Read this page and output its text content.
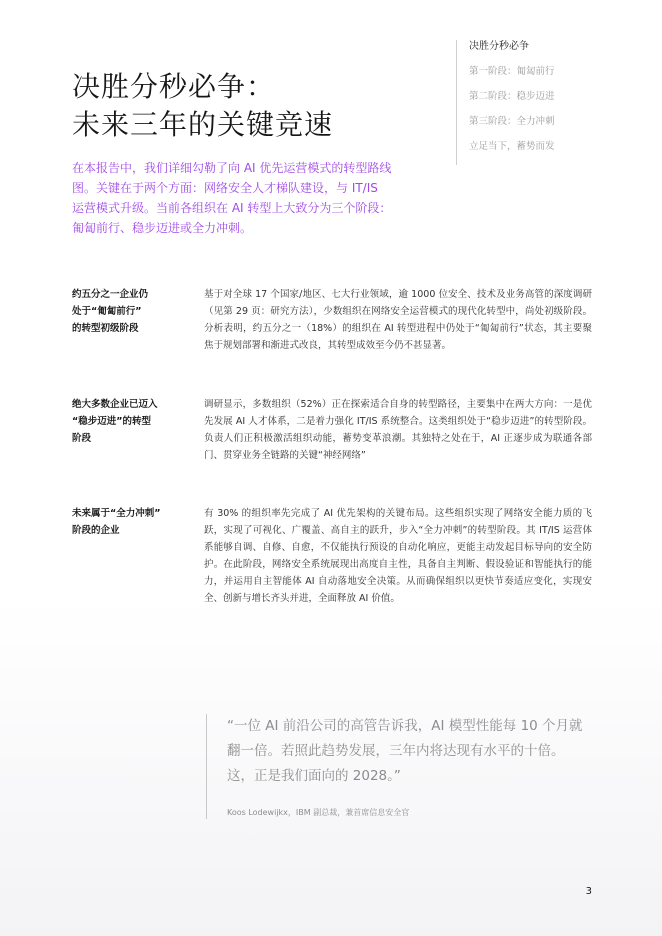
决胜分秒必争：
未来三年的关键竞速
决胜分秒必争
第一阶段：匍匐前行
第二阶段：稳步迈进
第三阶段：全力冲刺
立足当下，蓄势而发

在本报告中，我们详细勾勒了向 AI 优先运营模式的转型路线图。关键在于两个方面：网络安全人才梯队建设，与 IT/IS 运营模式升级。当前各组织在 AI 转型上大致分为三个阶段：匍匐前行、稳步迈进或全力冲刺。

约五分之一企业仍
处于“匍匐前行”
的转型初级阶段
基于对全球 17 个国家/地区、七大行业领域，逾 1000 位安全、技术及业务高管的深度调研（见第 29 页：研究方法），少数组织在网络安全运营模式的现代化转型中，尚处初级阶段。分析表明，约五分之一（18%）的组织在 AI 转型进程中仍处于“匍匐前行”状态，其主要聚焦于规划部署和渐进式改良，其转型成效至今仍不甚显著。
绝大多数企业已迈入
“稳步迈进”的转型
阶段
调研显示，多数组织（52%）正在探索适合自身的转型路径，主要集中在两大方向：一是优先发展 AI 人才体系，二是着力强化 IT/IS 系统整合。这类组织处于“稳步迈进”的转型阶段。负责人们正积极激活组织动能，蓄势变革浪潮。其独特之处在于，AI 正逐步成为联通各部门、贯穿业务全链路的关键“神经网络”
未来属于“全力冲刺”
阶段的企业
有 30% 的组织率先完成了 AI 优先架构的关键布局。这些组织实现了网络安全能力质的飞跃，实现了可视化、广覆盖、高自主的跃升，步入“全力冲刺”的转型阶段。其 IT/IS 运营体系能够自调、自修、自愈，不仅能执行预设的自动化响应，更能主动发起目标导向的安全防护。在此阶段，网络安全系统展现出高度自主性，具备自主判断、假设验证和智能执行的能力，并运用自主智能体 AI 自动落地安全决策。从而确保组织以更快节奏适应变化，实现安全、创新与增长齐头并进，全面释放 AI 价值。
“一位 AI 前沿公司的高管告诉我，AI 模型性能每 10 个月就翻一倍。若照此趋势发展，三年内将达现有水平的十倍。这，正是我们面向的 2028。”
Koos Lodewijkx，IBM 副总裁，兼首席信息安全官
3
